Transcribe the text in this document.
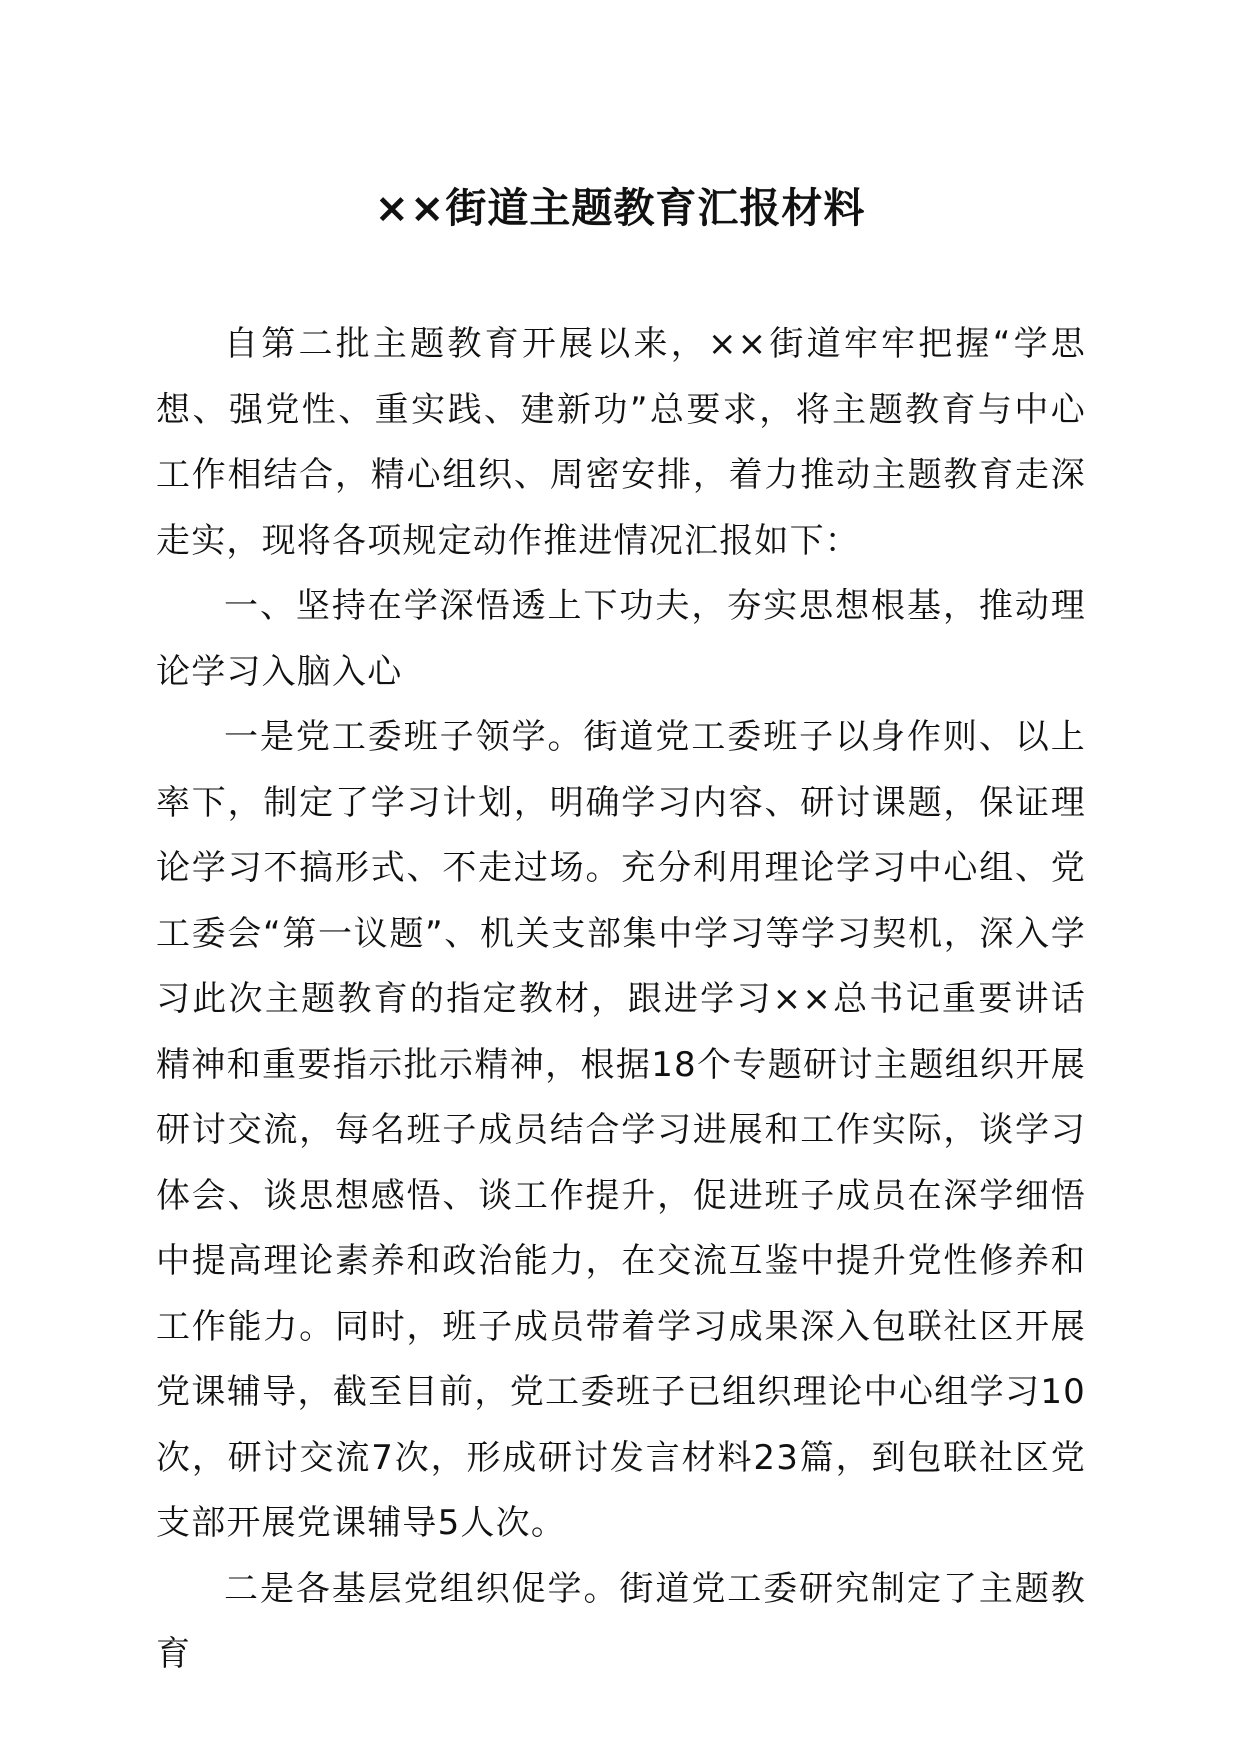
××街道主题教育汇报材料

自第二批主题教育开展以来，××街道牢牢把握“学思想、强党性、重实践、建新功”总要求，将主题教育与中心工作相结合，精心组织、周密安排，着力推动主题教育走深走实，现将各项规定动作推进情况汇报如下：

一、坚持在学深悟透上下功夫，夯实思想根基，推动理论学习入脑入心

一是党工委班子领学。街道党工委班子以身作则、以上率下，制定了学习计划，明确学习内容、研讨课题，保证理论学习不搞形式、不走过场。充分利用理论学习中心组、党工委会“第一议题”、机关支部集中学习等学习契机，深入学习此次主题教育的指定教材，跟进学习××总书记重要讲话精神和重要指示批示精神，根据18个专题研讨主题组织开展研讨交流，每名班子成员结合学习进展和工作实际，谈学习体会、谈思想感悟、谈工作提升，促进班子成员在深学细悟中提高理论素养和政治能力，在交流互鉴中提升党性修养和工作能力。同时，班子成员带着学习成果深入包联社区开展党课辅导，截至目前，党工委班子已组织理论中心组学习10次，研讨交流7次，形成研讨发言材料23篇，到包联社区党支部开展党课辅导5人次。

二是各基层党组织促学。街道党工委研究制定了主题教育
